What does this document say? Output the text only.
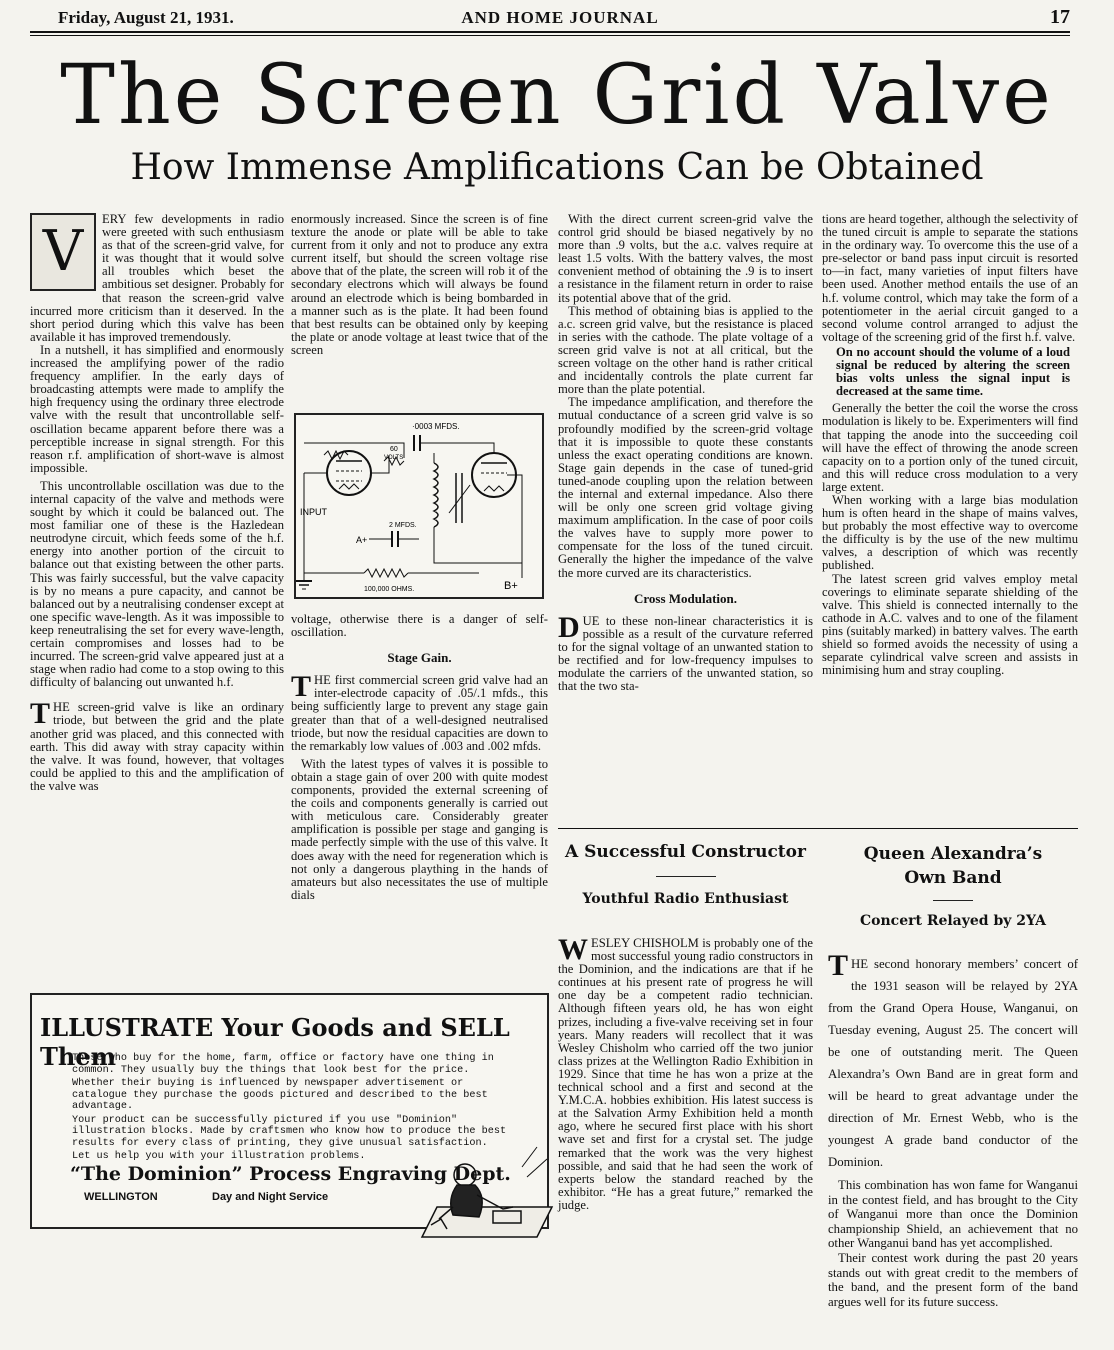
Friday, August 21, 1931.	AND HOME JOURNAL	17
The Screen Grid Valve
How Immense Amplifications Can be Obtained
V

ERY few developments in radio were greeted with such enthusiasm as that of the screen-grid valve, for it was thought that it would solve all troubles which beset the ambitious set designer. Probably for that reason the screen-grid valve incurred more criticism than it deserved. In the short period during which this valve has been available it has improved tremendously.

In a nutshell, it has simplified and enormously increased the amplifying power of the radio frequency amplifier. In the early days of broadcasting attempts were made to amplify the high frequency using the ordinary three electrode valve with the result that uncontrollable self-oscillation became apparent before there was a perceptible increase in signal strength. For this reason r.f. amplification of short-wave is almost impossible.

This uncontrollable oscillation was due to the internal capacity of the valve and methods were sought by which it could be balanced out. The most familiar one of these is the Hazledean neutrodyne circuit, which feeds some of the h.f. energy into another portion of the circuit to balance out that existing between the other parts. This was fairly successful, but the valve capacity is by no means a pure capacity, and cannot be balanced out by a neutralising condenser except at one specific wave-length. As it was impossible to keep reneutralising the set for every wave-length, certain compromises and losses had to be incurred. The screen-grid valve appeared just at a stage when radio had come to a stop owing to this difficulty of balancing out unwanted h.f.

THE screen-grid valve is like an ordinary triode, but between the grid and the plate another grid was placed, and this connected with earth. This did away with stray capacity within the valve. It was found, however, that voltages could be applied to this and the amplification of the valve was

enormously increased. Since the screen is of fine texture the anode or plate will be able to take current from it only and not to produce any extra current itself, but should the screen voltage rise above that of the plate, the screen will rob it of the secondary electrons which will always be found around an electrode which is being bombarded in a manner such as is the plate. It had been found that best results can be obtained only by keeping the plate or anode voltage at least twice that of the screen

·0003 MFDS.
60
VOLTS
INPUT
2 MFDS.
A+
100,000 OHMS.	B+

voltage, otherwise there is a danger of self-oscillation.

Stage Gain.

THE first commercial screen grid valve had an inter-electrode capacity of .05/.1 mfds., this being sufficiently large to prevent any stage gain greater than that of a well-designed neutralised triode, but now the residual capacities are down to the remarkably low values of .003 and .002 mfds.

With the latest types of valves it is possible to obtain a stage gain of over 200 with quite modest components, provided the external screening of the coils and components generally is carried out with meticulous care. Considerably greater amplification is possible per stage and ganging is made perfectly simple with the use of this valve. It does away with the need for regeneration which is not only a dangerous plaything in the hands of amateurs but also necessitates the use of multiple dials

With the direct current screen-grid valve the control grid should be biased negatively by no more than .9 volts, but the a.c. valves require at least 1.5 volts. With the battery valves, the most convenient method of obtaining the .9 is to insert a resistance in the filament return in order to raise its potential above that of the grid.

This method of obtaining bias is applied to the a.c. screen grid valve, but the resistance is placed in series with the cathode. The plate voltage of a screen grid valve is not at all critical, but the screen voltage on the other hand is rather critical and incidentally controls the plate current far more than the plate potential.

The impedance amplification, and therefore the mutual conductance of a screen grid valve is so profoundly modified by the screen-grid voltage that it is impossible to quote these constants unless the exact operating conditions are known. Stage gain depends in the case of tuned-grid tuned-anode coupling upon the relation between the internal and external impedance. Also there will be only one screen grid voltage giving maximum amplification. In the case of poor coils the valves have to supply more power to compensate for the loss of the tuned circuit. Generally the higher the impedance of the valve the more curved are its characteristics.

Cross Modulation.

DUE to these non-linear characteristics it is possible as a result of the curvature referred to for the signal voltage of an unwanted station to be rectified and for low-frequency impulses to modulate the carriers of the unwanted station, so that the two sta-

tions are heard together, although the selectivity of the tuned circuit is ample to separate the stations in the ordinary way. To overcome this the use of a pre-selector or band pass input circuit is resorted to—in fact, many varieties of input filters have been used. Another method entails the use of an h.f. volume control, which may take the form of a potentiometer in the aerial circuit ganged to a second volume control arranged to adjust the voltage of the screening grid of the first h.f. valve.

On no account should the volume of a loud signal be reduced by altering the screen bias volts unless the signal input is decreased at the same time.

Generally the better the coil the worse the cross modulation is likely to be. Experimenters will find that tapping the anode into the succeeding coil will have the effect of throwing the anode screen capacity on to a portion only of the tuned circuit, and this will reduce cross modulation to a very large extent.

When working with a large bias modulation hum is often heard in the shape of mains valves, but probably the most effective way to overcome the difficulty is by the use of the new multimu valves, a description of which was recently published.

The latest screen grid valves employ metal coverings to eliminate separate shielding of the valve. This shield is connected internally to the cathode in A.C. valves and to one of the filament pins (suitably marked) in battery valves. The earth shield so formed avoids the necessity of using a separate cylindrical valve screen and assists in minimising hum and stray coupling.

A Successful Constructor
Youthful Radio Enthusiast

WESLEY CHISHOLM is probably one of the most successful young radio constructors in the Dominion, and the indications are that if he continues at his present rate of progress he will one day be a competent radio technician. Although fifteen years old, he has won eight prizes, including a five-valve receiving set in four years. Many readers will recollect that it was Wesley Chisholm who carried off the two junior class prizes at the Wellington Radio Exhibition in 1929. Since that time he has won a prize at the technical school and a first and second at the Y.M.C.A. hobbies exhibition. His latest success is at the Salvation Army Exhibition held a month ago, where he secured first place with his short wave set and first for a crystal set. The judge remarked that the work was the very highest possible, and said that he had seen the work of experts below the standard reached by the exhibitor. “He has a great future,” remarked the judge.

Queen Alexandra’s Own Band
Concert Relayed by 2YA

THE second honorary members’ concert of the 1931 season will be relayed by 2YA from the Grand Opera House, Wanganui, on Tuesday evening, August 25. The concert will be one of outstanding merit. The Queen Alexandra’s Own Band are in great form and will be heard to great advantage under the direction of Mr. Ernest Webb, who is the youngest A grade band conductor of the Dominion.

This combination has won fame for Wanganui in the contest field, and has brought to the City of Wanganui more than once the Dominion championship Shield, an achievement that no other Wanganui band has yet accomplished.

Their contest work during the past 20 years stands out with great credit to the members of the band, and the present form of the band argues well for its future success.

ILLUSTRATE Your Goods and SELL Them

Those who buy for the home, farm, office or factory have one thing in common. They usually buy the things that look best for the price.

Whether their buying is influenced by newspaper advertisement or catalogue they purchase the goods pictured and described to the best advantage.

Your product can be successfully pictured if you use "Dominion" illustration blocks. Made by craftsmen who know how to produce the best results for every class of printing, they give unusual satisfaction.

Let us help you with your illustration problems.

“The Dominion” Process Engraving Dept.
WELLINGTON	Day and Night Service
